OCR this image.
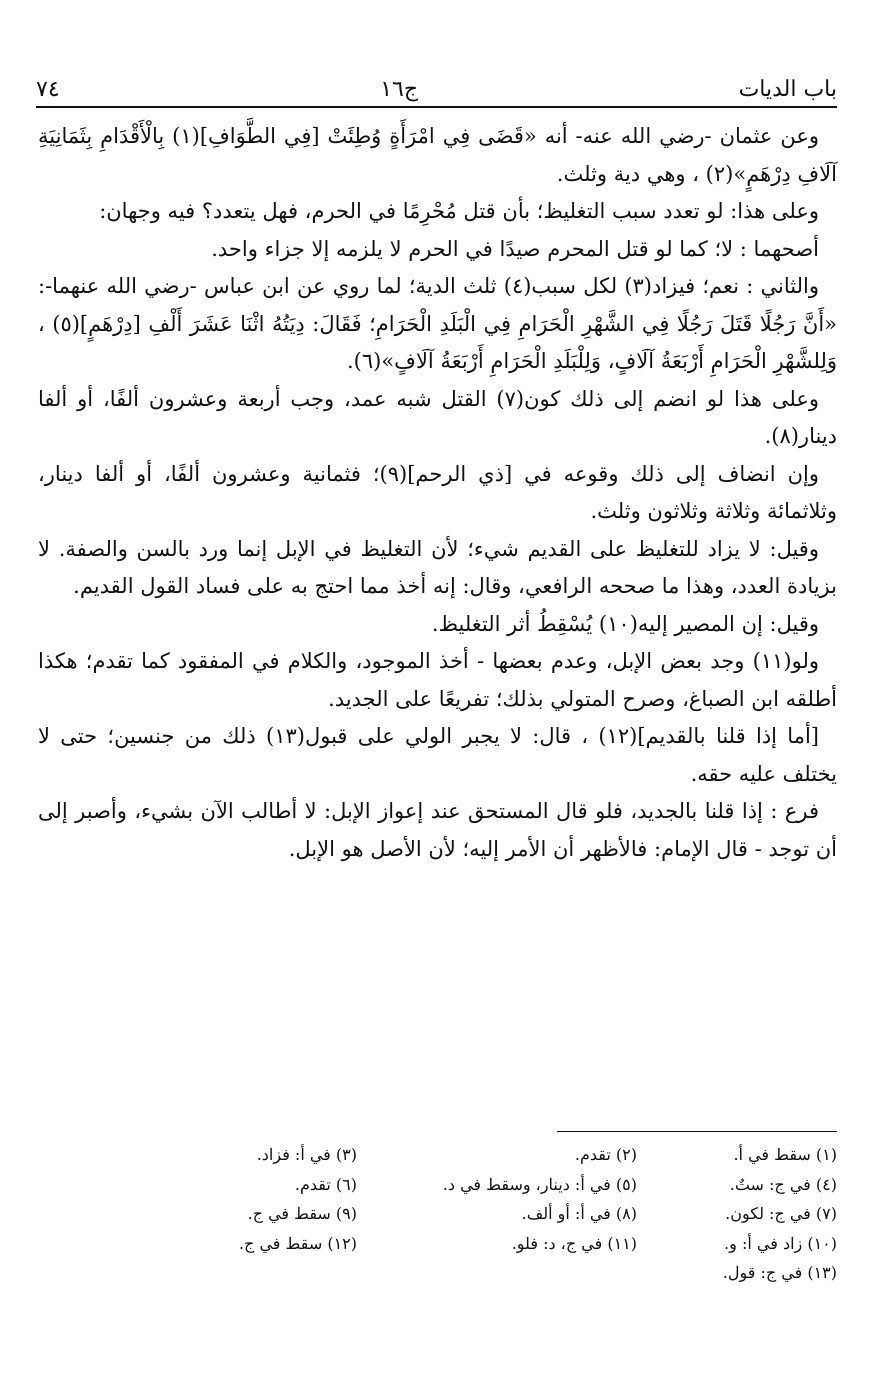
باب الديات
ج١٦
٧٤

وعن عثمان -رضي الله عنه- أنه «قَضَى فِي امْرَأَةٍ وُطِئَتْ [فِي الطَّوَافِ](١) بِالْأَقْدَامِ بِثَمَانِيَةِ آلَافِ دِرْهَمٍ»(٢) ، وهي دية وثلث.

وعلى هذا: لو تعدد سبب التغليظ؛ بأن قتل مُحْرِمًا في الحرم، فهل يتعدد؟ فيه وجهان:

أصحهما : لا؛ كما لو قتل المحرم صيدًا في الحرم لا يلزمه إلا جزاء واحد.

والثاني : نعم؛ فيزاد(٣) لكل سبب(٤) ثلث الدية؛ لما روي عن ابن عباس -رضي الله عنهما-: «أَنَّ رَجُلًا قَتَلَ رَجُلًا فِي الشَّهْرِ الْحَرَامِ فِي الْبَلَدِ الْحَرَامِ؛ فَقَالَ: دِيَتُهُ اثْنَا عَشَرَ أَلْفِ [دِرْهَمٍ](٥) ، وَلِلشَّهْرِ الْحَرَامِ أَرْبَعَةُ آلَافٍ، وَلِلْبَلَدِ الْحَرَامِ أَرْبَعَةُ آلَافٍ»(٦).

وعلى هذا لو انضم إلى ذلك كون(٧) القتل شبه عمد، وجب أربعة وعشرون ألفًا، أو ألفا دينار(٨).

وإن انضاف إلى ذلك وقوعه في [ذي الرحم](٩)؛ فثمانية وعشرون ألفًا، أو ألفا دينار، وثلاثمائة وثلاثة وثلاثون وثلث.

وقيل: لا يزاد للتغليظ على القديم شيء؛ لأن التغليظ في الإبل إنما ورد بالسن والصفة. لا بزيادة العدد، وهذا ما صححه الرافعي، وقال: إنه أخذ مما احتج به على فساد القول القديم.

وقيل: إن المصير إليه(١٠) يُسْقِطُ أثر التغليظ.

ولو(١١) وجد بعض الإبل، وعدم بعضها - أخذ الموجود، والكلام في المفقود كما تقدم؛ هكذا أطلقه ابن الصباغ، وصرح المتولي بذلك؛ تفريعًا على الجديد.

[أما إذا قلنا بالقديم](١٢) ، قال: لا يجبر الولي على قبول(١٣) ذلك من جنسين؛ حتى لا يختلف عليه حقه.

فرع : إذا قلنا بالجديد، فلو قال المستحق عند إعواز الإبل: لا أطالب الآن بشيء، وأصبر إلى أن توجد - قال الإمام: فالأظهر أن الأمر إليه؛ لأن الأصل هو الإبل.

(١) سقط في أ.
(٢) تقدم.
(٣) في أ: فزاد.
(٤) في ج: ستٌ.
(٥) في أ: دينار، وسقط في د.
(٦) تقدم.
(٧) في ج: لكون.
(٨) في أ: أو ألف.
(٩) سقط في ج.
(١٠) زاد في أ: و.
(١١) في ج، د: فلو.
(١٢) سقط في ج.
(١٣) في ج: قول.
